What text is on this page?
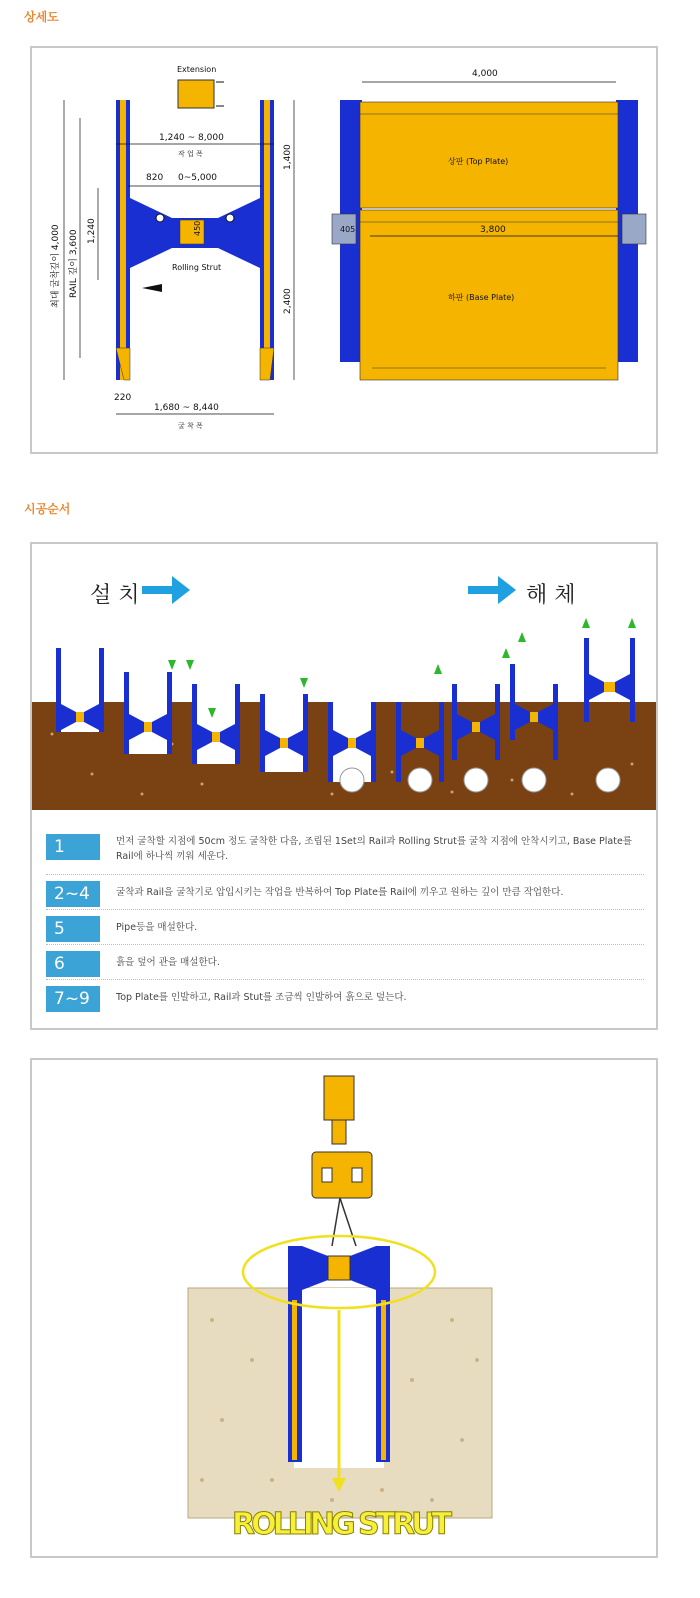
상세도
Extension
450
1,240 ~ 8,000
작 업 폭
820 0~5,000
최대 굴착깊이 4,000 RAIL 깊이 3,600 1,240
1,400
2,400
Rolling Strut
220
1,680 ~ 8,440
굴 착 폭
4,000
상판 (Top Plate)
405	3,800
하판 (Base Plate)
시공순서
설 치	해 체
1	먼저 굴착할 지점에 50cm 정도 굴착한 다음, 조립된 1Set의 Rail과 Rolling Strut를 굴착 지점에 안착시키고, Base Plate를 Rail에 하나씩 끼워 세운다.
2~4	굴착과 Rail을 굴착기로 압입시키는 작업을 반복하여 Top Plate를 Rail에 끼우고 원하는 깊이 만큼 작업한다.
5	Pipe등을 매설한다.
6	흙을 덮어 관을 매설한다.
7~9	Top Plate를 인발하고, Rail과 Stut를 조금씩 인발하여 흙으로 덮는다.
ROLLING STRUT
